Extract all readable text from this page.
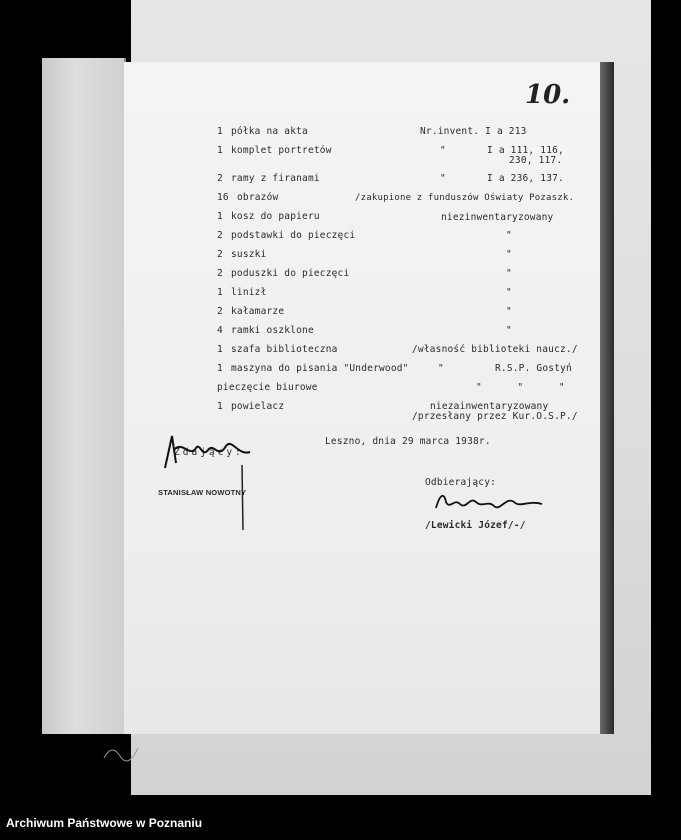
10.
1 półka na akta	Nr.invent. I a 213
1 komplet portretów	"	I a 111, 116,
230, 117.
2 ramy z firanami	"	I a 236, 137.
16 obrazów	/zakupione z funduszów Oświaty Pozaszk.
1 kosz do papieru	niezinwentaryzowany
2 podstawki do pieczęci	"
2 suszki	"
2 poduszki do pieczęci	"
1 linizł	"
2 kałamarze	"
4 ramki oszklone	"
1 szafa biblioteczna	/własność biblioteki naucz./
1 maszyna do pisania "Underwood"	"	R.S.P. Gostyń
pieczęcie biurowe	"      "      "
1 powielacz	niezainwentaryzowany
/przesłany przez Kur.O.S.P./
Leszno, dnia 29 marca 1938r.
Zdający:
STANISŁAW NOWOTNY
Odbierający:
/Lewicki Józef/-/
Archiwum Państwowe w Poznaniu
